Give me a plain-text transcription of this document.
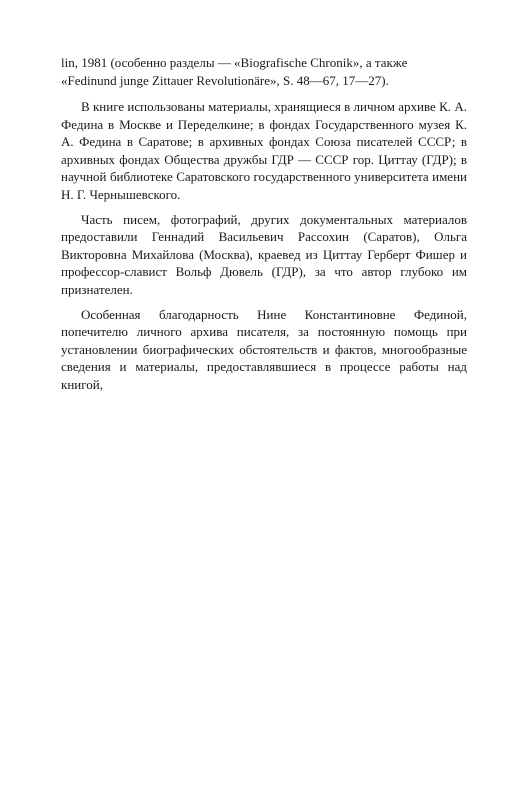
lin, 1981 (особенно разделы — «Biografische Chronik», а также

«Fedinund junge Zittauer Revolutionäre», S. 48—67, 17—27).

В книге использованы материалы, хранящиеся в личном архиве К. А. Федина в Москве и Переделкине; в фондах Государственного музея К. А. Федина в Саратове; в архивных фондах Союза писателей СССР; в архивных фондах Общества дружбы ГДР — СССР гор. Циттау (ГДР); в научной библиотеке Саратовского государственного университета имени Н. Г. Чернышевского.

Часть писем, фотографий, других документальных материалов предоставили Геннадий Васильевич Рассохин (Саратов), Ольга Викторовна Михайлова (Москва), краевед из Циттау Герберт Фишер и профессор-славист Вольф Дювель (ГДР), за что автор глубоко им признателен.

Особенная благодарность Нине Константиновне Фединой, попечителю личного архива писателя, за постоянную помощь при установлении биографических обстоятельств и фактов, многообразные сведения и материалы, предоставлявшиеся в процессе работы над книгой,
